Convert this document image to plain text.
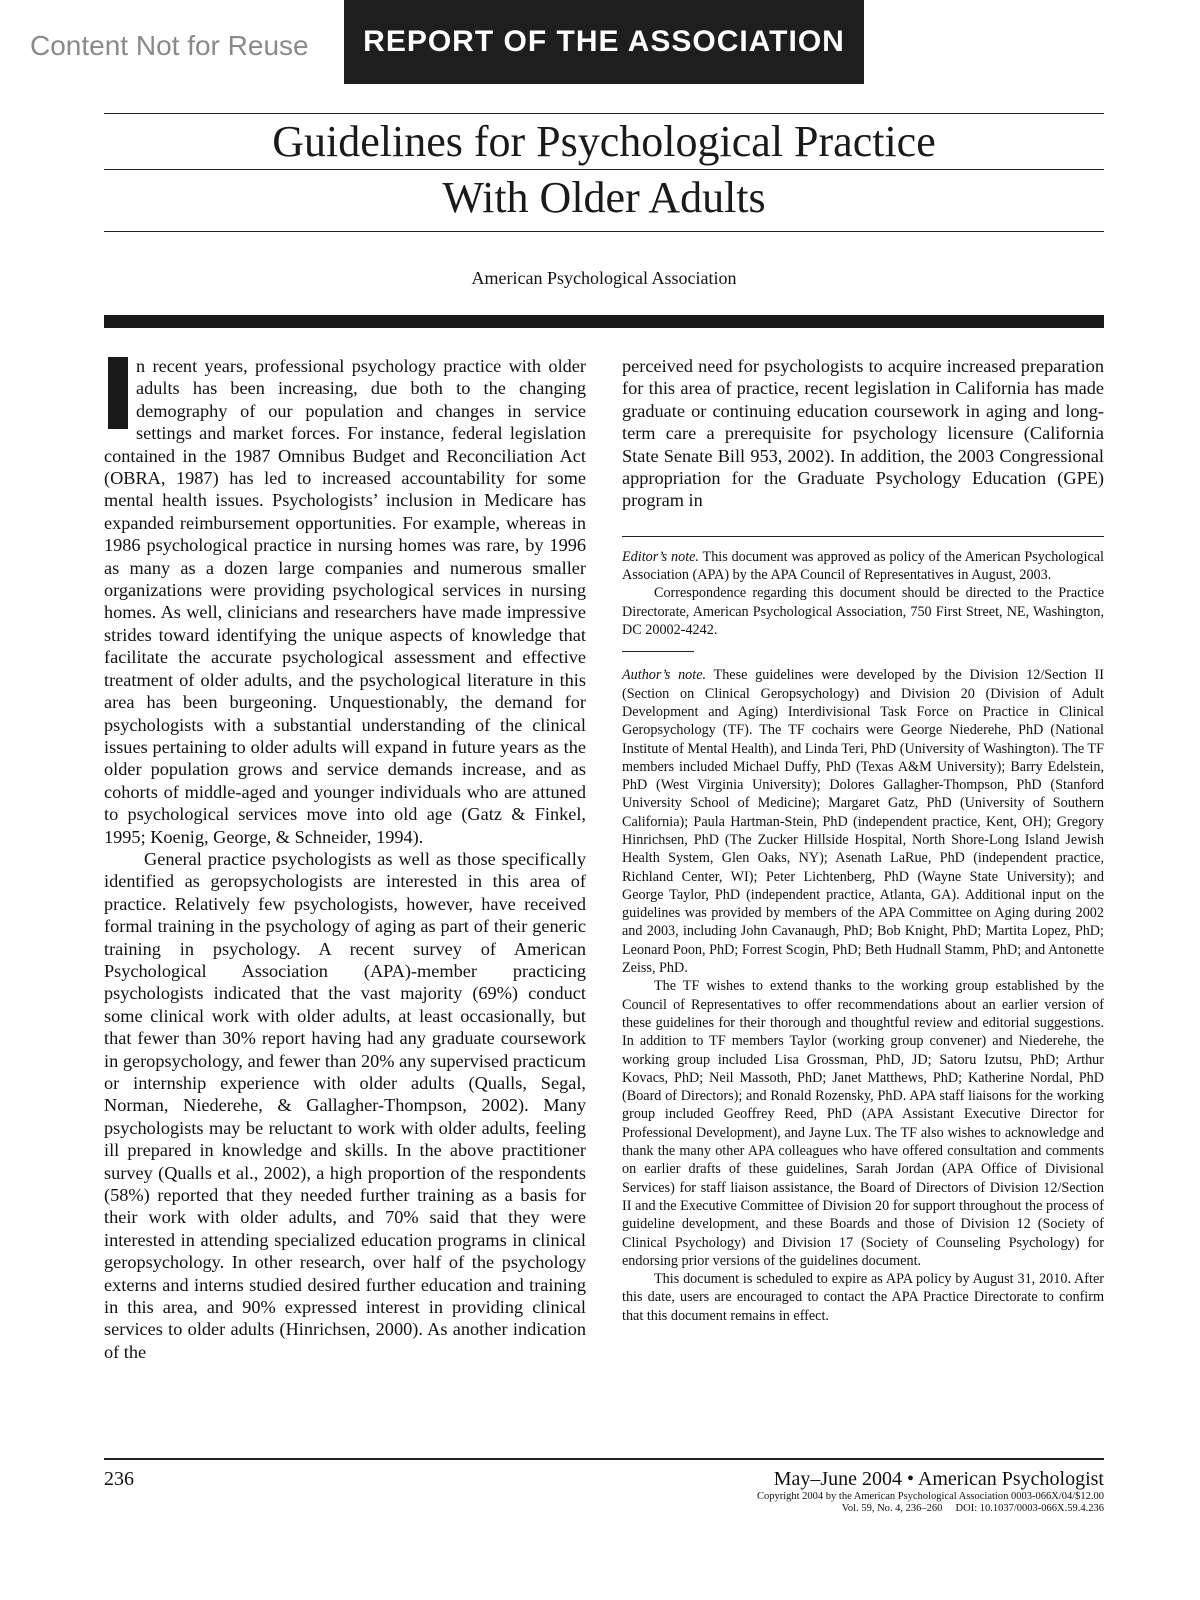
Content Not for Reuse	REPORT OF THE ASSOCIATION
Guidelines for Psychological Practice
With Older Adults
American Psychological Association

n recent years, professional psychology practice with older adults has been increasing, due both to the changing demography of our population and changes in service settings and market forces. For instance, federal legislation contained in the 1987 Omnibus Budget and Reconciliation Act (OBRA, 1987) has led to increased accountability for some mental health issues. Psychologists’ inclusion in Medicare has expanded reimbursement opportunities. For example, whereas in 1986 psychological practice in nursing homes was rare, by 1996 as many as a dozen large companies and numerous smaller organizations were providing psychological services in nursing homes. As well, clinicians and researchers have made impressive strides toward identifying the unique aspects of knowledge that facilitate the accurate psychological assessment and effective treatment of older adults, and the psychological literature in this area has been burgeoning. Unquestionably, the demand for psychologists with a substantial understanding of the clinical issues pertaining to older adults will expand in future years as the older population grows and service demands increase, and as cohorts of middle-aged and younger individuals who are attuned to psychological services move into old age (Gatz & Finkel, 1995; Koenig, George, & Schneider, 1994).

General practice psychologists as well as those specifically identified as geropsychologists are interested in this area of practice. Relatively few psychologists, however, have received formal training in the psychology of aging as part of their generic training in psychology. A recent survey of American Psychological Association (APA)-member practicing psychologists indicated that the vast majority (69%) conduct some clinical work with older adults, at least occasionally, but that fewer than 30% report having had any graduate coursework in geropsychology, and fewer than 20% any supervised practicum or internship experience with older adults (Qualls, Segal, Norman, Niederehe, & Gallagher-Thompson, 2002). Many psychologists may be reluctant to work with older adults, feeling ill prepared in knowledge and skills. In the above practitioner survey (Qualls et al., 2002), a high proportion of the respondents (58%) reported that they needed further training as a basis for their work with older adults, and 70% said that they were interested in attending specialized education programs in clinical geropsychology. In other research, over half of the psychology externs and interns studied desired further education and training in this area, and 90% expressed interest in providing clinical services to older adults (Hinrichsen, 2000). As another indication of the

perceived need for psychologists to acquire increased preparation for this area of practice, recent legislation in California has made graduate or continuing education coursework in aging and long-term care a prerequisite for psychology licensure (California State Senate Bill 953, 2002). In addition, the 2003 Congressional appropriation for the Graduate Psychology Education (GPE) program in

Editor’s note. This document was approved as policy of the American Psychological Association (APA) by the APA Council of Representatives in August, 2003.

Correspondence regarding this document should be directed to the Practice Directorate, American Psychological Association, 750 First Street, NE, Washington, DC 20002-4242.

Author’s note. These guidelines were developed by the Division 12/Section II (Section on Clinical Geropsychology) and Division 20 (Division of Adult Development and Aging) Interdivisional Task Force on Practice in Clinical Geropsychology (TF). The TF cochairs were George Niederehe, PhD (National Institute of Mental Health), and Linda Teri, PhD (University of Washington). The TF members included Michael Duffy, PhD (Texas A&M University); Barry Edelstein, PhD (West Virginia University); Dolores Gallagher-Thompson, PhD (Stanford University School of Medicine); Margaret Gatz, PhD (University of Southern California); Paula Hartman-Stein, PhD (independent practice, Kent, OH); Gregory Hinrichsen, PhD (The Zucker Hillside Hospital, North Shore-Long Island Jewish Health System, Glen Oaks, NY); Asenath LaRue, PhD (independent practice, Richland Center, WI); Peter Lichtenberg, PhD (Wayne State University); and George Taylor, PhD (independent practice, Atlanta, GA). Additional input on the guidelines was provided by members of the APA Committee on Aging during 2002 and 2003, including John Cavanaugh, PhD; Bob Knight, PhD; Martita Lopez, PhD; Leonard Poon, PhD; Forrest Scogin, PhD; Beth Hudnall Stamm, PhD; and Antonette Zeiss, PhD.

The TF wishes to extend thanks to the working group established by the Council of Representatives to offer recommendations about an earlier version of these guidelines for their thorough and thoughtful review and editorial suggestions. In addition to TF members Taylor (working group convener) and Niederehe, the working group included Lisa Grossman, PhD, JD; Satoru Izutsu, PhD; Arthur Kovacs, PhD; Neil Massoth, PhD; Janet Matthews, PhD; Katherine Nordal, PhD (Board of Directors); and Ronald Rozensky, PhD. APA staff liaisons for the working group included Geoffrey Reed, PhD (APA Assistant Executive Director for Professional Development), and Jayne Lux. The TF also wishes to acknowledge and thank the many other APA colleagues who have offered consultation and comments on earlier drafts of these guidelines, Sarah Jordan (APA Office of Divisional Services) for staff liaison assistance, the Board of Directors of Division 12/Section II and the Executive Committee of Division 20 for support throughout the process of guideline development, and these Boards and those of Division 12 (Society of Clinical Psychology) and Division 17 (Society of Counseling Psychology) for endorsing prior versions of the guidelines document.

This document is scheduled to expire as APA policy by August 31, 2010. After this date, users are encouraged to contact the APA Practice Directorate to confirm that this document remains in effect.

236	May–June 2004 • American Psychologist
Copyright 2004 by the American Psychological Association 0003-066X/04/$12.00
Vol. 59, No. 4, 236–260     DOI: 10.1037/0003-066X.59.4.236
